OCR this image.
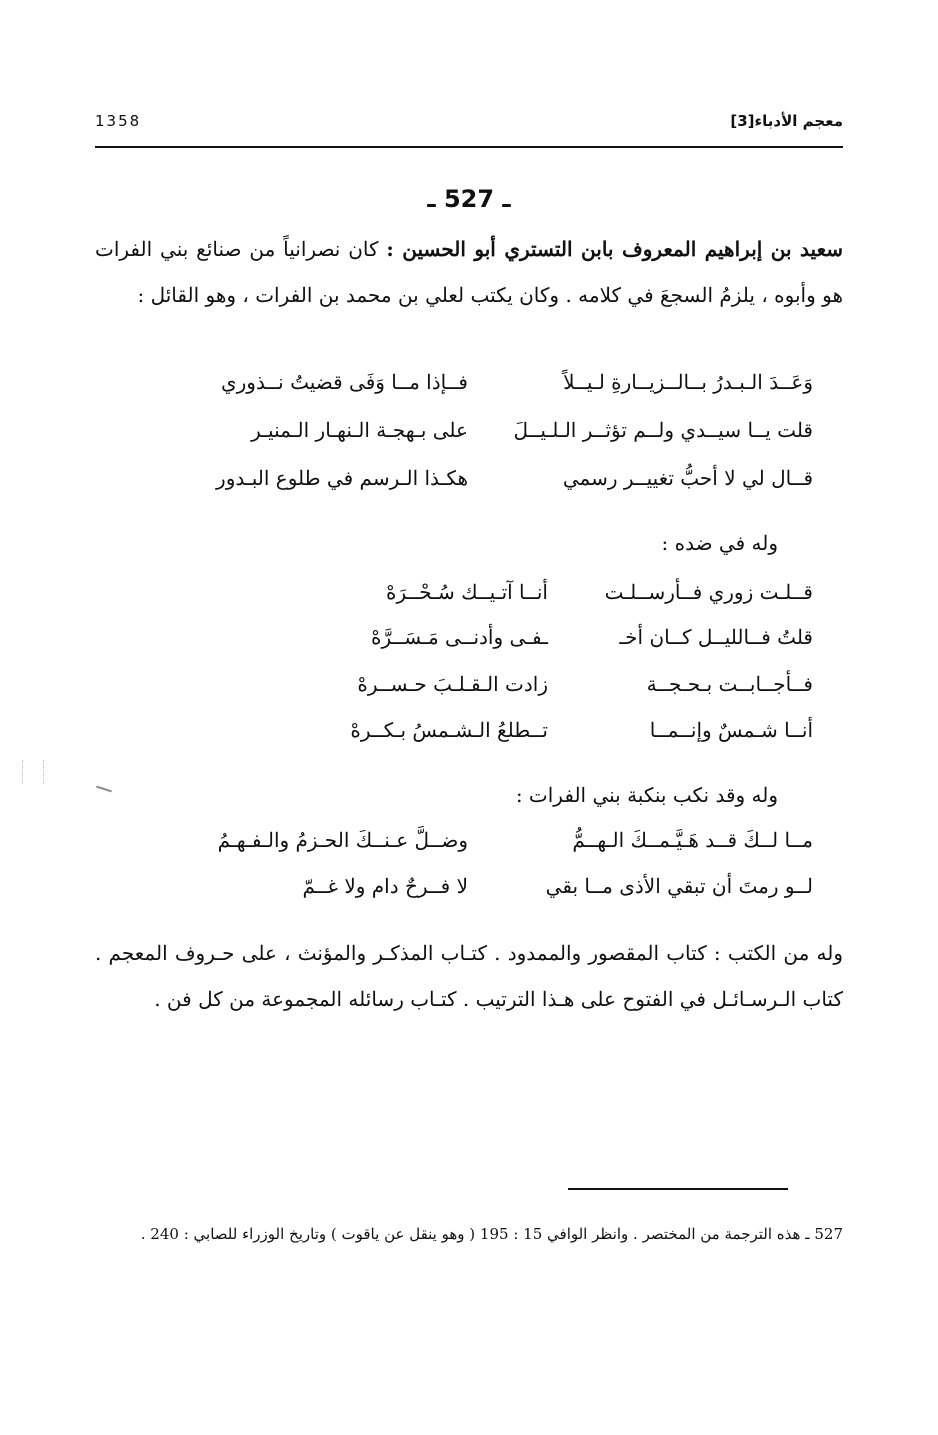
1358	معجم الأدباء[3]
ـ 527 ـ

سعيد بن إبراهيم المعروف بابن التستري أبو الحسين : كان نصرانياً من صنائع بني الفرات هو وأبوه ، يلزمُ السجعَ في كلامه . وكان يكتب لعلي بن محمد بن الفرات ، وهو القائل :

وَعَــدَ الـبـدرُ بــالــزيــارةِ لـيــلاً
فــإذا مــا وَفَى قضيتُ نــذوري
قلت يــا سيــدي ولــم تؤثــر الـلـيــلَ
على بـهجـة الـنهـار الـمنيـر
قــال لي لا أحبُّ تغييــر رسمي
هكـذا الـرسم في طلوع البـدور
وله في ضده :
قــلـت زوري فــأرســلـت
أنــا آتـيــك سُـحْــرَهْ
قلتُ فــالليــل كــان أخـ
ـفـى وأدنــى مَـسَــرَّهْ
فــأجــابــت بـحـجــة
زادت الـقـلـبَ حـســرهْ
أنــا شـمسٌ وإنــمــا
تــطلعُ الـشـمسُ بـكــرهْ
وله وقد نكب بنكبة بني الفرات :
مــا لــكَ قــد هَـيَّـمــكَ الـهــمُّ
وضــلَّ عـنــكَ الحـزمُ والـفـهـمُ
لــو رمتَ أن تبقي الأذى مــا بقي
لا فــرحٌ دام ولا غــمّ

وله من الكتب : كتاب المقصور والممدود . كتـاب المذكـر والمؤنث ، على حـروف المعجم . كتاب الـرسـائـل في الفتوح على هـذا الترتيب . كتـاب رسائله المجموعة من كل فن .

527 ـ هذه الترجمة من المختصر . وانظر الوافي 15 : 195 ( وهو ينقل عن ياقوت ) وتاريخ الوزراء للصابي : 240 .
